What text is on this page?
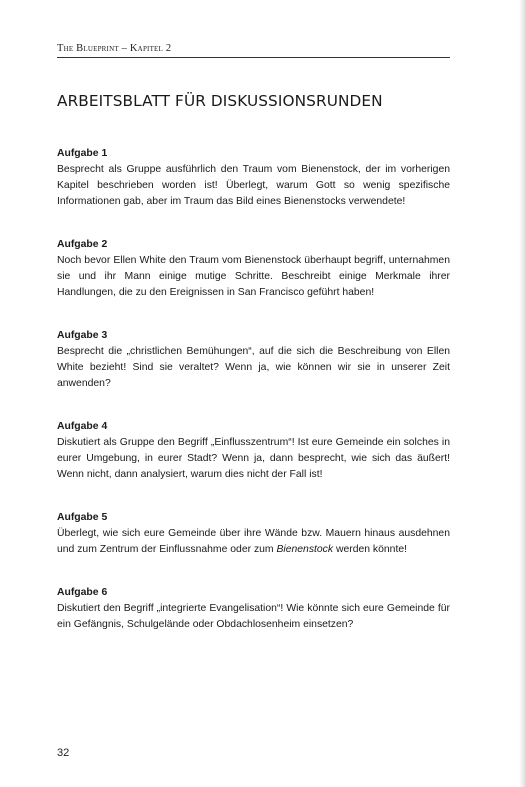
The Blueprint – Kapitel 2
ARBEITSBLATT FÜR DISKUSSIONSRUNDEN
Aufgabe 1

Besprecht als Gruppe ausführlich den Traum vom Bienenstock, der im vorherigen Kapitel beschrieben worden ist! Überlegt, warum Gott so wenig spezifische Informationen gab, aber im Traum das Bild eines Bienenstocks verwendete!

Aufgabe 2

Noch bevor Ellen White den Traum vom Bienenstock überhaupt begriff, unternahmen sie und ihr Mann einige mutige Schritte. Beschreibt einige Merkmale ihrer Handlungen, die zu den Ereignissen in San Francisco geführt haben!

Aufgabe 3

Besprecht die „christlichen Bemühungen“, auf die sich die Beschreibung von Ellen White bezieht! Sind sie veraltet? Wenn ja, wie können wir sie in unserer Zeit anwenden?

Aufgabe 4

Diskutiert als Gruppe den Begriff „Einflusszentrum“! Ist eure Gemeinde ein solches in eurer Umgebung, in eurer Stadt? Wenn ja, dann besprecht, wie sich das äußert! Wenn nicht, dann analysiert, warum dies nicht der Fall ist!

Aufgabe 5

Überlegt, wie sich eure Gemeinde über ihre Wände bzw. Mauern hinaus ausdehnen und zum Zentrum der Einflussnahme oder zum Bienenstock werden könnte!

Aufgabe 6

Diskutiert den Begriff „integrierte Evangelisation“! Wie könnte sich eure Gemeinde für ein Gefängnis, Schulgelände oder Obdachlosenheim einsetzen?

32
